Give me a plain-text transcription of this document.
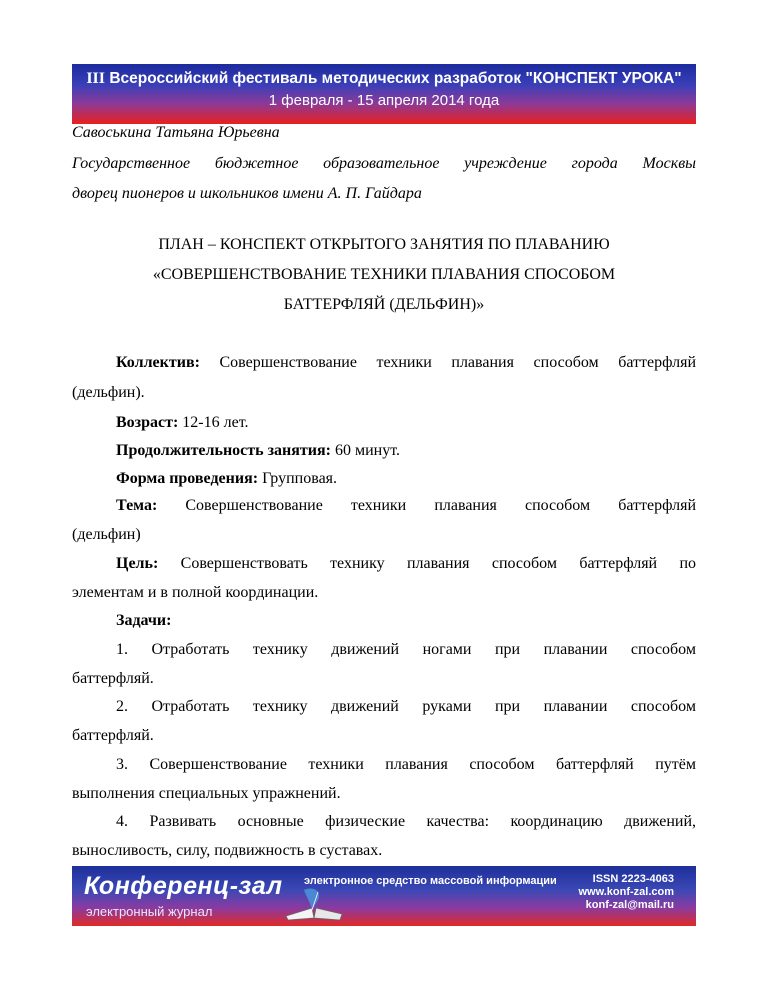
III Всероссийский фестиваль методических разработок "КОНСПЕКТ УРОКА"
1 февраля - 15 апреля 2014 года
Савоськина Татьяна Юрьевна
Государственное бюджетное образовательное учреждение города Москвы
дворец пионеров и школьников имени А. П. Гайдара
ПЛАН – КОНСПЕКТ ОТКРЫТОГО ЗАНЯТИЯ ПО ПЛАВАНИЮ
«СОВЕРШЕНСТВОВАНИЕ ТЕХНИКИ ПЛАВАНИЯ СПОСОБОМ
БАТТЕРФЛЯЙ (ДЕЛЬФИН)»
Коллектив: Совершенствование техники плавания способом баттерфляй
(дельфин).
Возраст: 12-16 лет.
Продолжительность занятия: 60 минут.
Форма проведения: Групповая.
Тема: Совершенствование техники плавания способом баттерфляй
(дельфин)
Цель: Совершенствовать технику плавания способом баттерфляй по
элементам и в полной координации.
Задачи:
1. Отработать техникy движений ногами при плавании способом
баттерфляй.
2. Отработать технику движений руками при плавании способом
баттерфляй.
3. Совершенствование техники плавания способом баттерфляй путём
выполнения специальных упражнений.
4. Развивать основные физические качества: координацию движений,
выносливость, силу, подвижность в суставах.
Конференц-зал
электронный журнал
электронное средство массовой информации	ISSN 2223-4063
www.konf-zal.com
konf-zal@mail.ru
